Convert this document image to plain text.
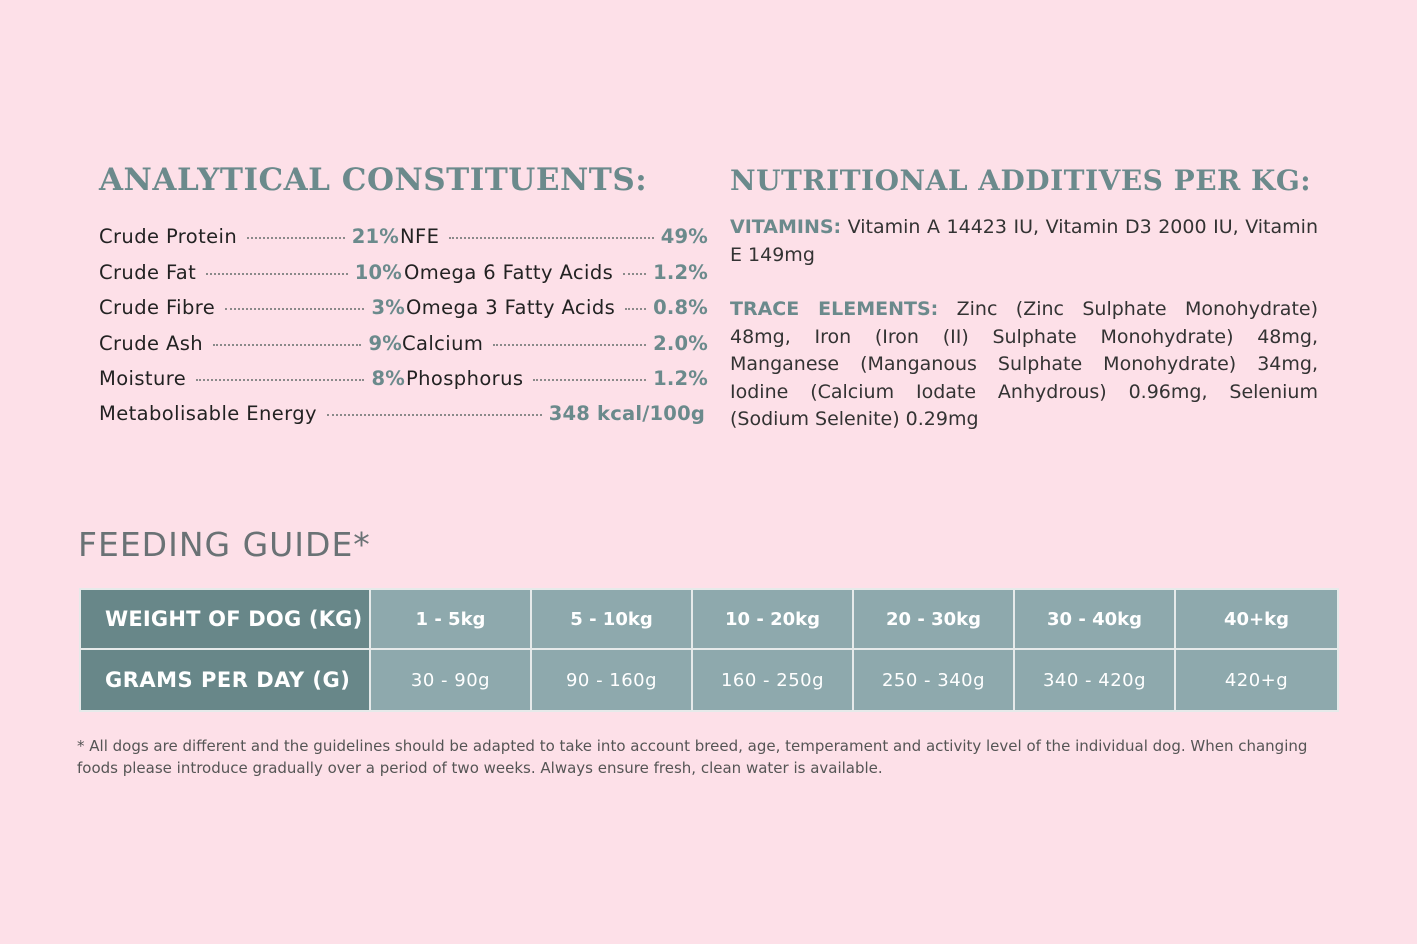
ANALYTICAL CONSTITUENTS:
Crude Protein	21%
Crude Fat	10%
Crude Fibre	3%
Crude Ash	9%
Moisture	8%
NFE	49%
Omega 6 Fatty Acids 1.2%
Omega 3 Fatty Acids 0.8%
Calcium	2.0%
Phosphorus	1.2%
Metabolisable Energy	348 kcal/100g
NUTRITIONAL ADDITIVES PER KG:

VITAMINS: Vitamin A 14423 IU, Vitamin D3 2000 IU, Vitamin E 149mg

TRACE ELEMENTS: Zinc (Zinc Sulphate Monohydrate) 48mg, Iron (Iron (II) Sulphate Monohydrate) 48mg, Manganese (Manganous Sulphate Monohydrate) 34mg, Iodine (Calcium Iodate Anhydrous) 0.96mg, Selenium (Sodium Selenite) 0.29mg

FEEDING GUIDE*
WEIGHT OF DOG (KG)	1 - 5kg	5 - 10kg	10 - 20kg	20 - 30kg	30 - 40kg	40+kg
GRAMS PER DAY (G)	30 - 90g	90 - 160g	160 - 250g	250 - 340g	340 - 420g	420+g

* All dogs are different and the guidelines should be adapted to take into account breed, age, temperament and activity level of the individual dog. When changing foods please introduce gradually over a period of two weeks. Always ensure fresh, clean water is available.
